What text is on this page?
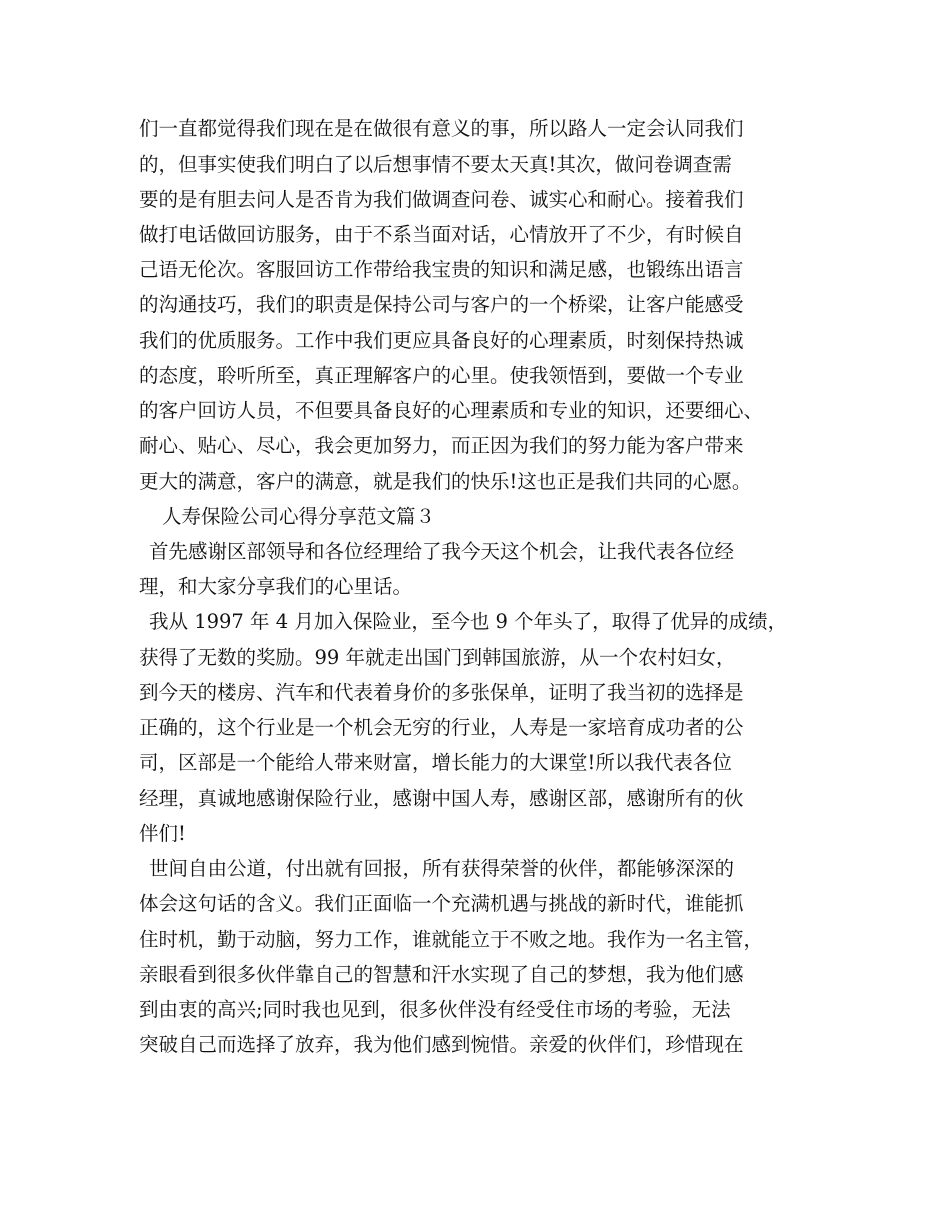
们一直都觉得我们现在是在做很有意义的事，所以路人一定会认同我们

的，但事实使我们明白了以后想事情不要太天真!其次，做问卷调查需

要的是有胆去问人是否肯为我们做调查问卷、诚实心和耐心。接着我们

做打电话做回访服务，由于不系当面对话，心情放开了不少，有时候自

己语无伦次。客服回访工作带给我宝贵的知识和满足感，也锻练出语言

的沟通技巧，我们的职责是保持公司与客户的一个桥梁，让客户能感受

我们的优质服务。工作中我们更应具备良好的心理素质，时刻保持热诚

的态度，聆听所至，真正理解客户的心里。使我领悟到，要做一个专业

的客户回访人员，不但要具备良好的心理素质和专业的知识，还要细心、

耐心、贴心、尽心，我会更加努力，而正因为我们的努力能为客户带来

更大的满意，客户的满意，就是我们的快乐!这也正是我们共同的心愿。

人寿保险公司心得分享范文篇３

首先感谢区部领导和各位经理给了我今天这个机会，让我代表各位经

理，和大家分享我们的心里话。

我从 1997 年 4 月加入保险业，至今也 9 个年头了，取得了优异的成绩，

获得了无数的奖励。99 年就走出国门到韩国旅游，从一个农村妇女，

到今天的楼房、汽车和代表着身价的多张保单，证明了我当初的选择是

正确的，这个行业是一个机会无穷的行业，人寿是一家培育成功者的公

司，区部是一个能给人带来财富，增长能力的大课堂!所以我代表各位

经理，真诚地感谢保险行业，感谢中国人寿，感谢区部，感谢所有的伙

伴们!

世间自由公道，付出就有回报，所有获得荣誉的伙伴，都能够深深的

体会这句话的含义。我们正面临一个充满机遇与挑战的新时代，谁能抓

住时机，勤于动脑，努力工作，谁就能立于不败之地。我作为一名主管，

亲眼看到很多伙伴靠自己的智慧和汗水实现了自己的梦想，我为他们感

到由衷的高兴;同时我也见到，很多伙伴没有经受住市场的考验，无法

突破自己而选择了放弃，我为他们感到惋惜。亲爱的伙伴们，珍惜现在
